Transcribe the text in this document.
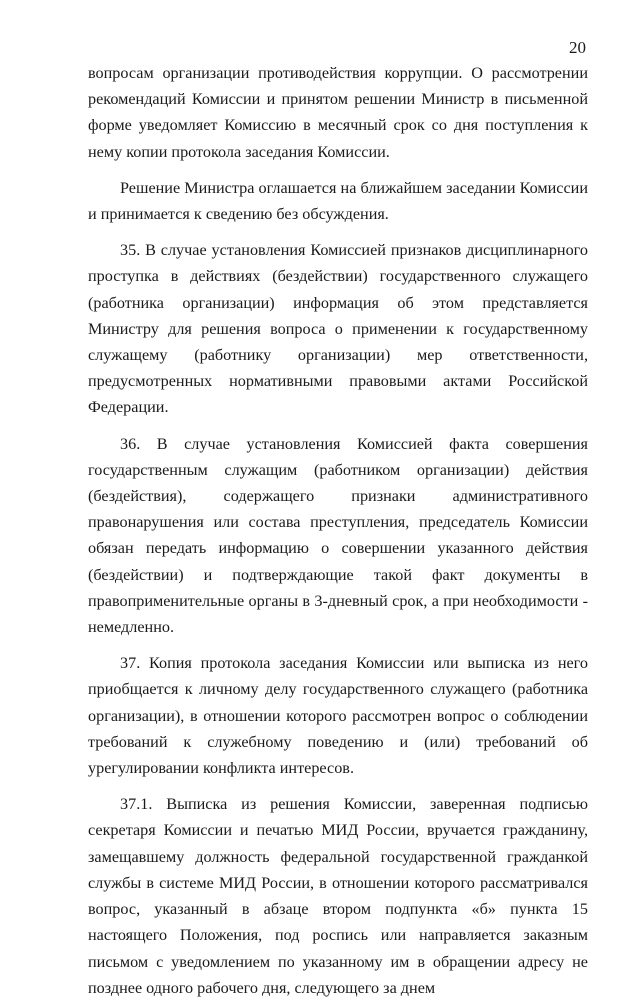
20

вопросам организации противодействия коррупции. О рассмотрении рекомендаций Комиссии и принятом решении Министр в письменной форме уведомляет Комиссию в месячный срок со дня поступления к нему копии протокола заседания Комиссии.

Решение Министра оглашается на ближайшем заседании Комиссии и принимается к сведению без обсуждения.

35. В случае установления Комиссией признаков дисциплинарного проступка в действиях (бездействии) государственного служащего (работника организации) информация об этом представляется Министру для решения вопроса о применении к государственному служащему (работнику организации) мер ответственности, предусмотренных нормативными правовыми актами Российской Федерации.

36. В случае установления Комиссией факта совершения государственным служащим (работником организации) действия (бездействия), содержащего признаки административного правонарушения или состава преступления, председатель Комиссии обязан передать информацию о совершении указанного действия (бездействии) и подтверждающие такой факт документы в правоприменительные органы в 3-дневный срок, а при необходимости - немедленно.

37. Копия протокола заседания Комиссии или выписка из него приобщается к личному делу государственного служащего (работника организации), в отношении которого рассмотрен вопрос о соблюдении требований к служебному поведению и (или) требований об урегулировании конфликта интересов.

37.1. Выписка из решения Комиссии, заверенная подписью секретаря Комиссии и печатью МИД России, вручается гражданину, замещавшему должность федеральной государственной гражданкой службы в системе МИД России, в отношении которого рассматривался вопрос, указанный в абзаце втором подпункта «б» пункта 15 настоящего Положения, под роспись или направляется заказным письмом с уведомлением по указанному им в обращении адресу не позднее одного рабочего дня, следующего за днем
